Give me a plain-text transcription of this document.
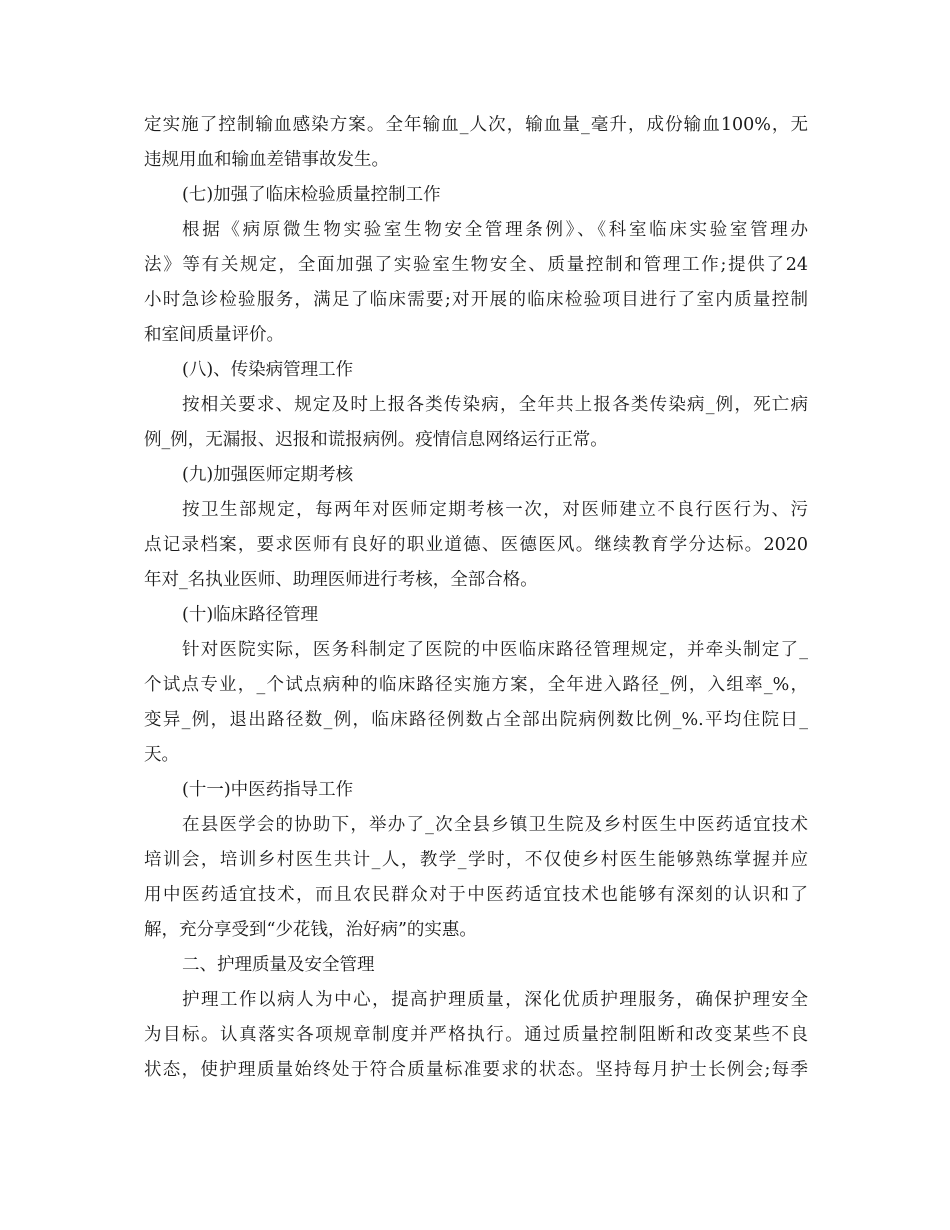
定实施了控制输血感染方案。全年输血_人次，输血量_毫升，成份输血100%，无
违规用血和输血差错事故发生。
(七)加强了临床检验质量控制工作
根据《病原微生物实验室生物安全管理条例》、《科室临床实验室管理办
法》等有关规定，全面加强了实验室生物安全、质量控制和管理工作;提供了24
小时急诊检验服务，满足了临床需要;对开展的临床检验项目进行了室内质量控制
和室间质量评价。
(八)、传染病管理工作
按相关要求、规定及时上报各类传染病，全年共上报各类传染病_例，死亡病
例_例，无漏报、迟报和谎报病例。疫情信息网络运行正常。
(九)加强医师定期考核
按卫生部规定，每两年对医师定期考核一次，对医师建立不良行医行为、污
点记录档案，要求医师有良好的职业道德、医德医风。继续教育学分达标。2020
年对_名执业医师、助理医师进行考核，全部合格。
(十)临床路径管理
针对医院实际，医务科制定了医院的中医临床路径管理规定，并牵头制定了_
个试点专业，_个试点病种的临床路径实施方案，全年进入路径_例，入组率_%，
变异_例，退出路径数_例，临床路径例数占全部出院病例数比例_%.平均住院日_
天。
(十一)中医药指导工作
在县医学会的协助下，举办了_次全县乡镇卫生院及乡村医生中医药适宜技术
培训会，培训乡村医生共计_人，教学_学时，不仅使乡村医生能够熟练掌握并应
用中医药适宜技术，而且农民群众对于中医药适宜技术也能够有深刻的认识和了
解，充分享受到“少花钱，治好病”的实惠。
二、护理质量及安全管理
护理工作以病人为中心，提高护理质量，深化优质护理服务，确保护理安全
为目标。认真落实各项规章制度并严格执行。通过质量控制阻断和改变某些不良
状态，使护理质量始终处于符合质量标准要求的状态。坚持每月护士长例会;每季
